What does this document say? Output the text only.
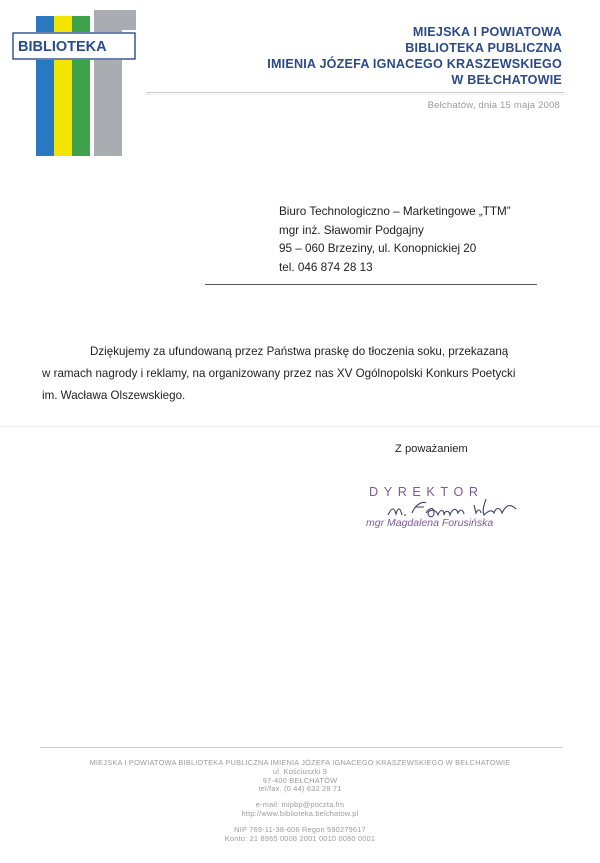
BIBLIOTEKA
MIEJSKA I POWIATOWA
BIBLIOTEKA PUBLICZNA
IMIENIA JÓZEFA IGNACEGO KRASZEWSKIEGO
W BEŁCHATOWIE
Bełchatów, dnia 15 maja 2008
Biuro Technologiczno – Marketingowe „TTM”
mgr inż. Sławomir Podgajny
95 – 060 Brzeziny, ul. Konopnickiej 20
tel. 046 874 28 13

Dziękujemy za ufundowaną przez Państwa praskę do tłoczenia soku, przekazaną

w ramach nagrody i reklamy, na organizowany przez nas XV Ogólnopolski Konkurs Poetycki

im. Wacława Olszewskiego.

Z poważaniem
DYREKTOR
mgr Magdalena Forusińska
MIEJSKA I POWIATOWA BIBLIOTEKA PUBLICZNA IMIENIA JÓZEFA IGNACEGO KRASZEWSKIEGO W BEŁCHATOWIE
ul. Kościuszki 9
97-400 BEŁCHATÓW
tel/fax. (0 44) 632 28 71
e-mail: mipbp@poczta.fm
http://www.biblioteka.belchatow.pl
NIP 769-11-38-606 Regon 590279617
Konto: 21 8965 0008 2001 0010 0060 0001
